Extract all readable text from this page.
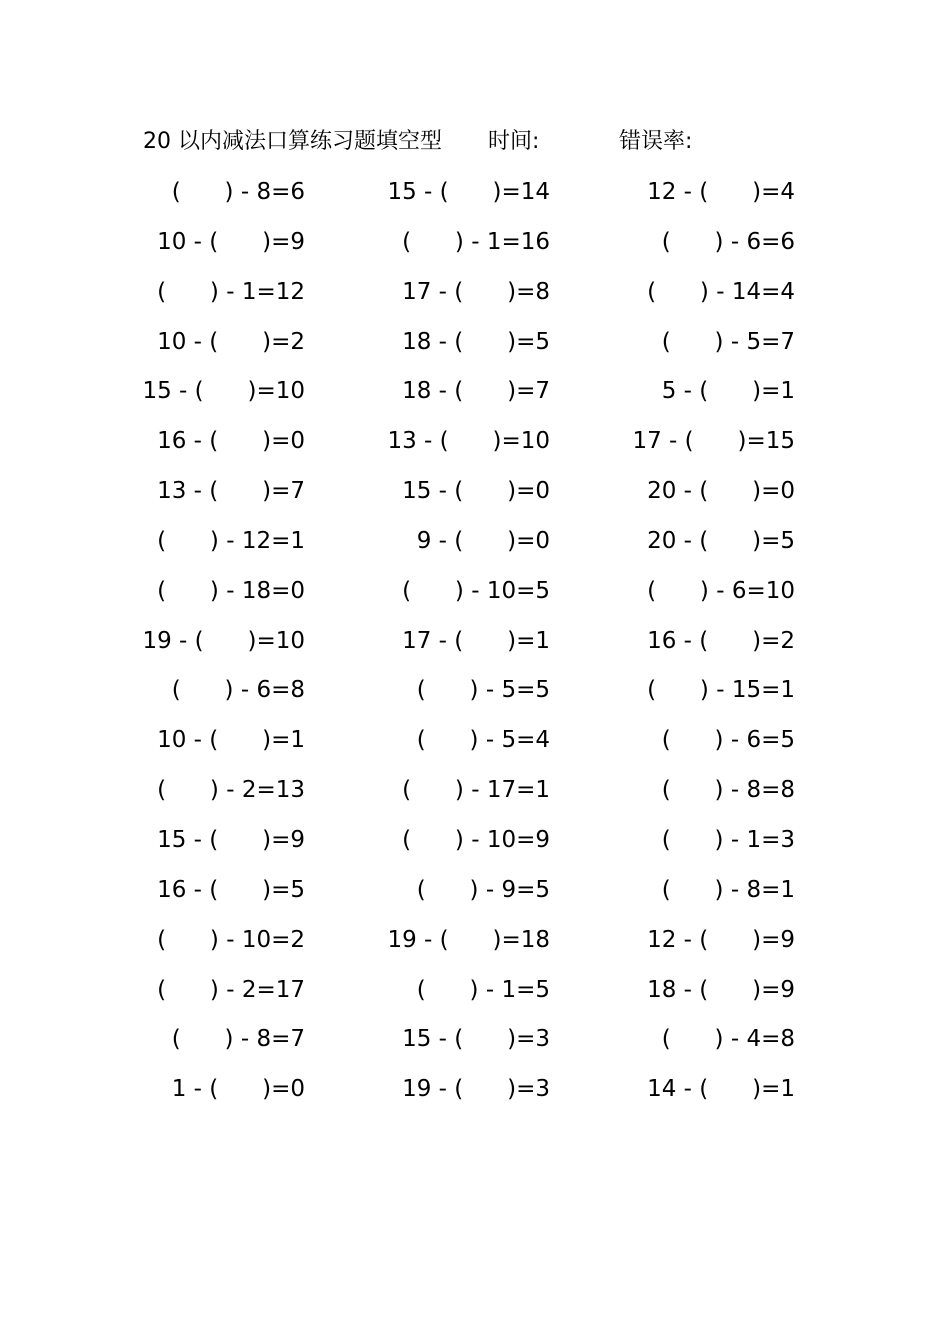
20 以内减法口算练习题填空型 时间:	错误率:
(      ) - 8=6	15 - (      )=14	12 - (      )=4
10 - (      )=9	(      ) - 1=16	(      ) - 6=6
(      ) - 1=12	17 - (      )=8	(      ) - 14=4
10 - (      )=2	18 - (      )=5	(      ) - 5=7
15 - (      )=10	18 - (      )=7	5 - (      )=1
16 - (      )=0	13 - (      )=10	17 - (      )=15
13 - (      )=7	15 - (      )=0	20 - (      )=0
(      ) - 12=1	9 - (      )=0	20 - (      )=5
(      ) - 18=0	(      ) - 10=5	(      ) - 6=10
19 - (      )=10	17 - (      )=1	16 - (      )=2
(      ) - 6=8	(      ) - 5=5	(      ) - 15=1
10 - (      )=1	(      ) - 5=4	(      ) - 6=5
(      ) - 2=13	(      ) - 17=1	(      ) - 8=8
15 - (      )=9	(      ) - 10=9	(      ) - 1=3
16 - (      )=5	(      ) - 9=5	(      ) - 8=1
(      ) - 10=2	19 - (      )=18	12 - (      )=9
(      ) - 2=17	(      ) - 1=5	18 - (      )=9
(      ) - 8=7	15 - (      )=3	(      ) - 4=8
1 - (      )=0	19 - (      )=3	14 - (      )=1
